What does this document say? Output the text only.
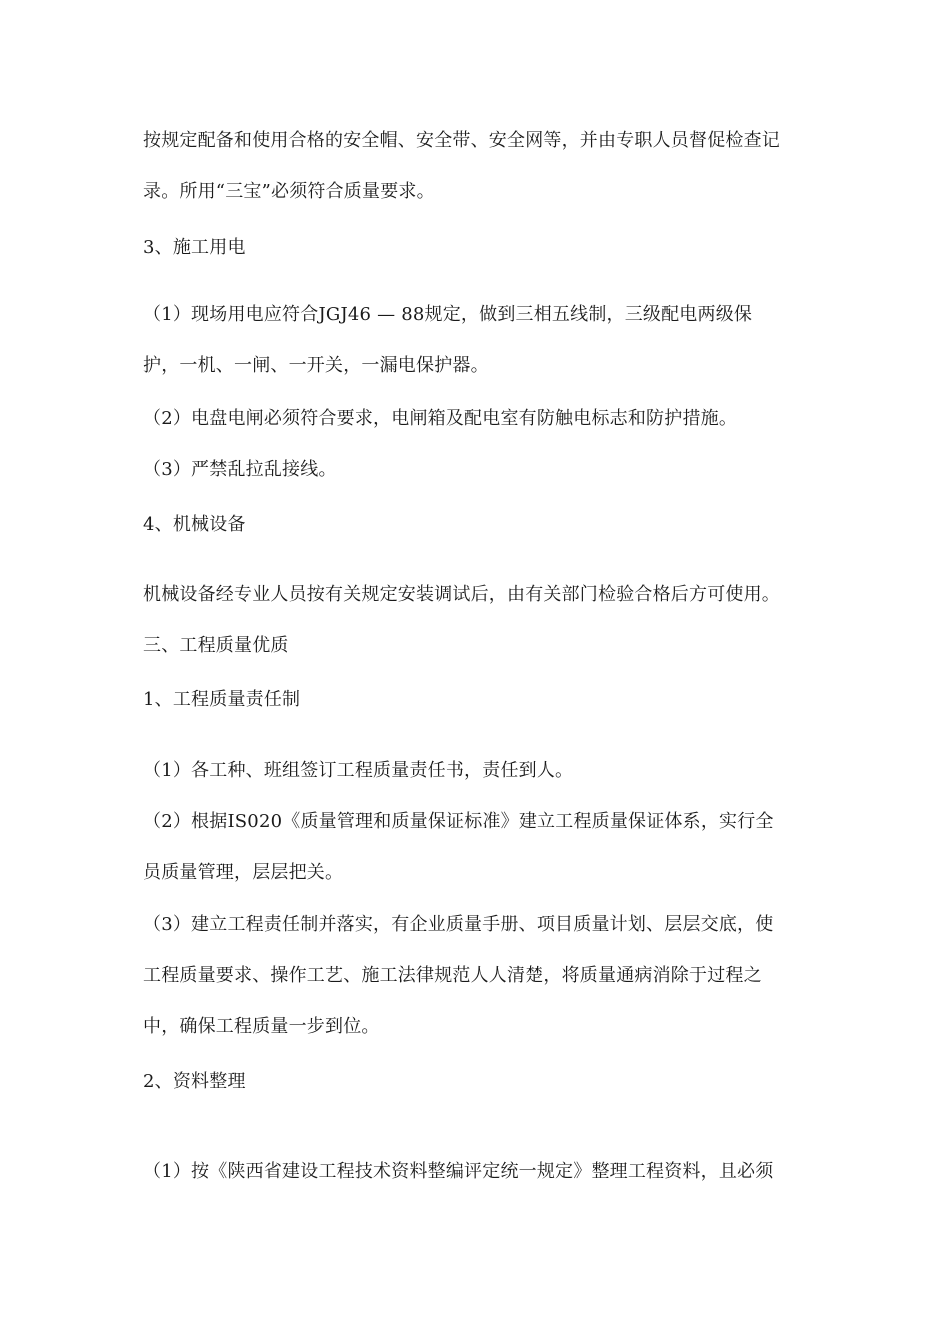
按规定配备和使用合格的安全帽、安全带、安全网等，并由专职人员督促检查记
录。所用“三宝”必须符合质量要求。
3、施工用电
（1）现场用电应符合JGJ46 — 88规定，做到三相五线制，三级配电两级保
护，一机、一闸、一开关，一漏电保护器。
（2）电盘电闸必须符合要求，电闸箱及配电室有防触电标志和防护措施。
（3）严禁乱拉乱接线。
4、机械设备
机械设备经专业人员按有关规定安装调试后，由有关部门检验合格后方可使用。
三、工程质量优质
1、工程质量责任制
（1）各工种、班组签订工程质量责任书，责任到人。
（2）根据IS020《质量管理和质量保证标准》建立工程质量保证体系，实行全
员质量管理，层层把关。
（3）建立工程责任制并落实，有企业质量手册、项目质量计划、层层交底，使
工程质量要求、操作工艺、施工法律规范人人清楚，将质量通病消除于过程之
中，确保工程质量一步到位。
2、资料整理
（1）按《陕西省建设工程技术资料整编评定统一规定》整理工程资料，且必须
